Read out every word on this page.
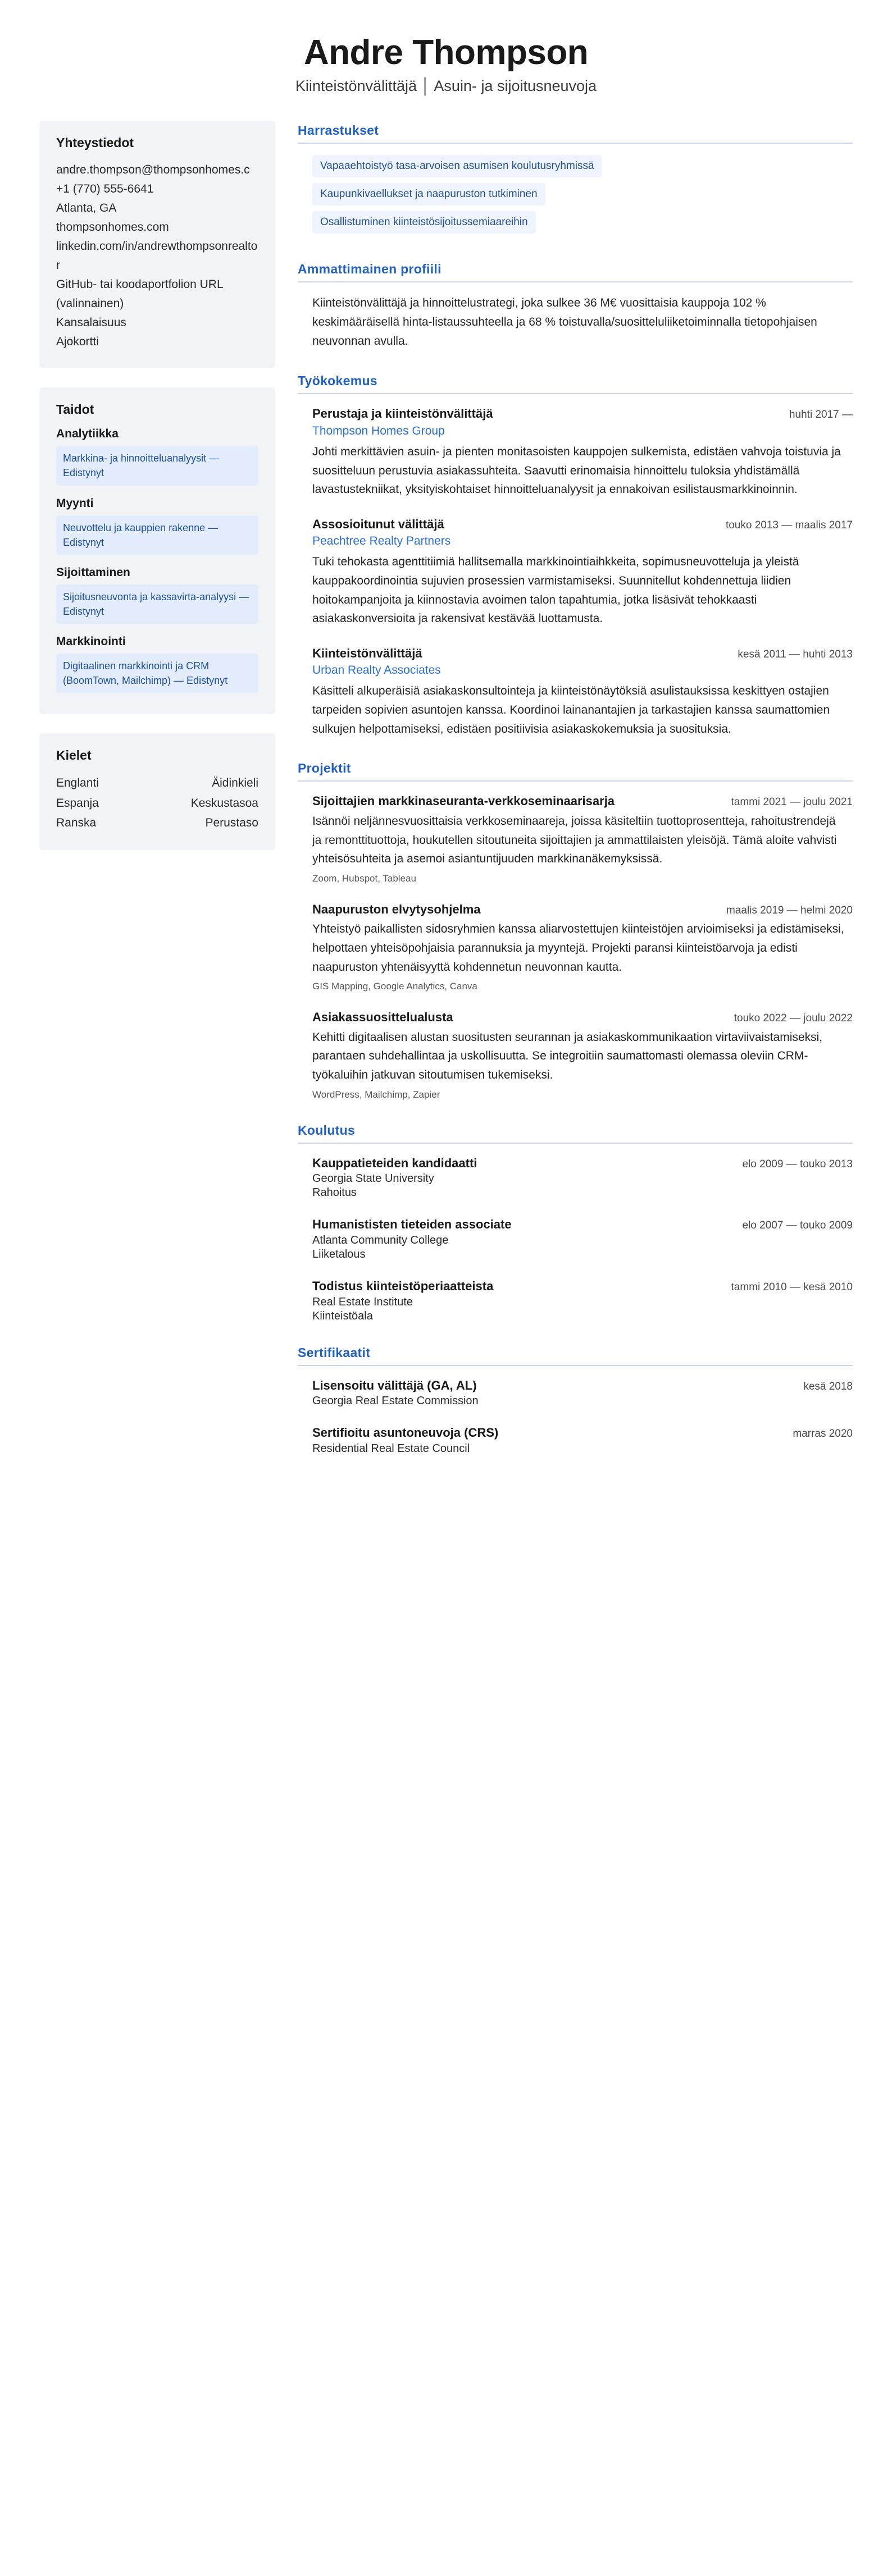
Andre Thompson
Kiinteistönvälittäjä │ Asuin- ja sijoitusneuvoja
Yhteystiedot
andre.thompson@thompsonhomes.c
+1 (770) 555-6641
Atlanta, GA
thompsonhomes.com
linkedin.com/in/andrewthompsonrealtor
GitHub- tai koodaportfolion URL (valinnainen)
Kansalaisuus
Ajokortti
Taidot
Analytiikka
Markkina- ja hinnoitteluanalyysit — Edistynyt
Myynti
Neuvottelu ja kauppien rakenne — Edistynyt
Sijoittaminen
Sijoitusneuvonta ja kassavirta-analyysi — Edistynyt
Markkinointi
Digitaalinen markkinointi ja CRM (BoomTown, Mailchimp) — Edistynyt
Kielet
Englanti	Äidinkieli
Espanja	Keskustasoa
Ranska	Perustaso
Harrastukset
Vapaaehtoistyö tasa-arvoisen asumisen koulutusryhmissä
Kaupunkivaellukset ja naapuruston tutkiminen
Osallistuminen kiinteistösijoitussemiaareihin
Ammattimainen profiili
Kiinteistönvälittäjä ja hinnoittelustrategi, joka sulkee 36 M€ vuosittaisia kauppoja 102 % keskimääräisellä hinta-listaussuhteella ja 68 % toistuvalla/suositteluliiketoiminnalla tietopohjaisen neuvonnan avulla.
Työkokemus
Perustaja ja kiinteistönvälittäjä	huhti 2017 —
Thompson Homes Group
Johti merkittävien asuin- ja pienten monitasoisten kauppojen sulkemista, edistäen vahvoja toistuvia ja suositteluun perustuvia asiakassuhteita. Saavutti erinomaisia hinnoittelu tuloksia yhdistämällä lavastustekniikat, yksityiskohtaiset hinnoitteluanalyysit ja ennakoivan esilistausmarkkinoinnin.
Assosioitunut välittäjä	touko 2013 — maalis 2017
Peachtree Realty Partners
Tuki tehokasta agenttitiimiä hallitsemalla markkinointiaihkkeita, sopimusneuvotteluja ja yleistä kauppakoordinointia sujuvien prosessien varmistamiseksi. Suunnitellut kohdennettuja liidien hoitokampanjoita ja kiinnostavia avoimen talon tapahtumia, jotka lisäsivät tehokkaasti asiakaskonversioita ja rakensivat kestävää luottamusta.
Kiinteistönvälittäjä	kesä 2011 — huhti 2013
Urban Realty Associates
Käsitteli alkuperäisiä asiakaskonsultointeja ja kiinteistönäytöksiä asulistauksissa keskittyen ostajien tarpeiden sopivien asuntojen kanssa. Koordinoi lainanantajien ja tarkastajien kanssa saumattomien sulkujen helpottamiseksi, edistäen positiivisia asiakaskokemuksia ja suosituksia.
Projektit
Sijoittajien markkinaseuranta-verkkoseminaarisarja	tammi 2021 — joulu 2021
Isännöi neljännesvuosittaisia verkkoseminaareja, joissa käsiteltiin tuottoprosentteja, rahoitustrendejä ja remonttituottoja, houkutellen sitoutuneita sijoittajien ja ammattilaisten yleisöjä. Tämä aloite vahvisti yhteisösuhteita ja asemoi asiantuntijuuden markkinanäkemyksissä.
Zoom, Hubspot, Tableau
Naapuruston elvytysohjelma	maalis 2019 — helmi 2020
Yhteistyö paikallisten sidosryhmien kanssa aliarvostettujen kiinteistöjen arvioimiseksi ja edistämiseksi, helpottaen yhteisöpohjaisia parannuksia ja myyntejä. Projekti paransi kiinteistöarvoja ja edisti naapuruston yhtenäisyyttä kohdennetun neuvonnan kautta.
GIS Mapping, Google Analytics, Canva
Asiakassuosittelualusta	touko 2022 — joulu 2022
Kehitti digitaalisen alustan suositusten seurannan ja asiakaskommunikaation virtaviivaistamiseksi, parantaen suhdehallintaa ja uskollisuutta. Se integroitiin saumattomasti olemassa oleviin CRM-työkaluihin jatkuvan sitoutumisen tukemiseksi.
WordPress, Mailchimp, Zapier
Koulutus
Kauppatieteiden kandidaatti	elo 2009 — touko 2013
Georgia State University
Rahoitus
Humanististen tieteiden associate	elo 2007 — touko 2009
Atlanta Community College
Liiketalous
Todistus kiinteistöperiaatteista	tammi 2010 — kesä 2010
Real Estate Institute
Kiinteistöala
Sertifikaatit
Lisensoitu välittäjä (GA, AL)	kesä 2018
Georgia Real Estate Commission
Sertifioitu asuntoneuvoja (CRS)	marras 2020
Residential Real Estate Council
